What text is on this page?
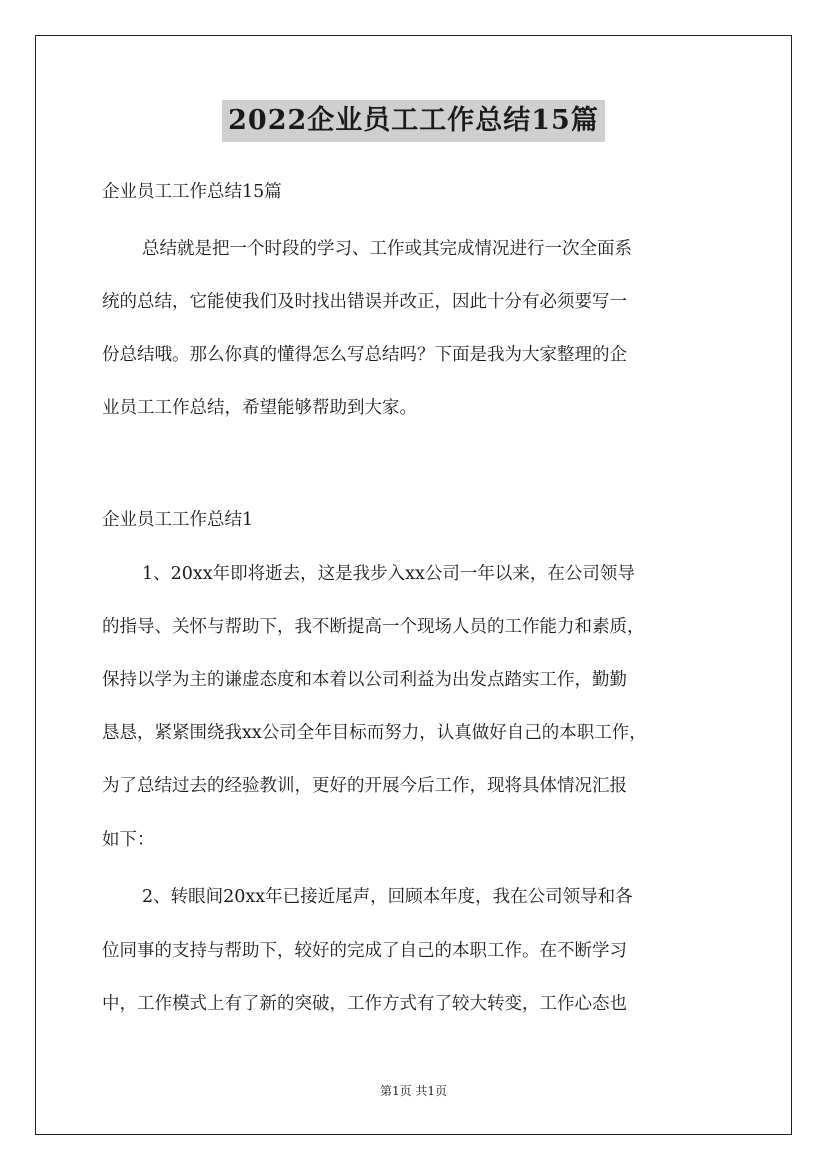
2022企业员工工作总结15篇
企业员工工作总结15篇
总结就是把一个时段的学习、工作或其完成情况进行一次全面系
统的总结，它能使我们及时找出错误并改正，因此十分有必须要写一
份总结哦。那么你真的懂得怎么写总结吗？下面是我为大家整理的企
业员工工作总结，希望能够帮助到大家。
企业员工工作总结1
1、20xx年即将逝去，这是我步入xx公司一年以来，在公司领导
的指导、关怀与帮助下，我不断提高一个现场人员的工作能力和素质，
保持以学为主的谦虚态度和本着以公司利益为出发点踏实工作，勤勤
恳恳，紧紧围绕我xx公司全年目标而努力，认真做好自己的本职工作，
为了总结过去的经验教训，更好的开展今后工作，现将具体情况汇报
如下：
2、转眼间20xx年已接近尾声，回顾本年度，我在公司领导和各
位同事的支持与帮助下，较好的完成了自己的本职工作。在不断学习
中，工作模式上有了新的突破，工作方式有了较大转变，工作心态也
第1页 共1页
